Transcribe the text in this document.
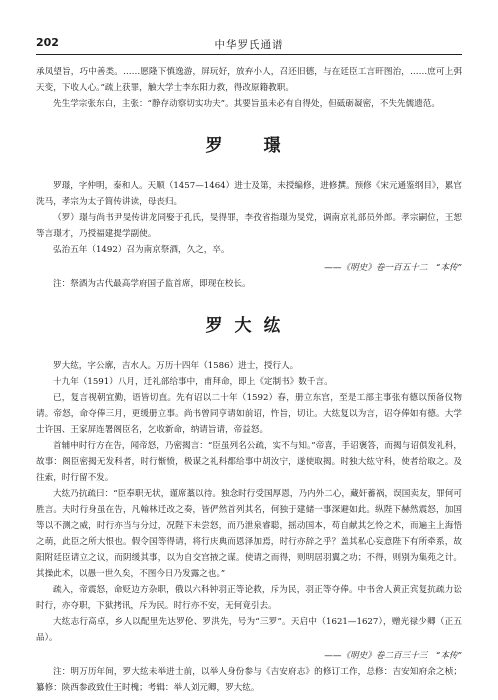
202	中华罗氏通谱

承凤望旨，巧中善类。……愿隆下慎逸游，屏玩好，放弃小人，召还旧德，与在廷臣工言旰图治，……庶可上弭天变，下收人心。”疏上获罪，触大学士李东阳力救，得改原籍教职。

先生学宗张东白，主张：“静存动察切实功夫”。其要旨虽未必有自得处，但砥砺凝密，不失先儒遗范。

罗　璟

罗璟，字仲明，泰和人。天顺（1457—1464）进士及第，未授编修，进修撰。预修《宋元通鉴纲目》，累官洗马，孝宗为太子简传讲读，母丧归。

（罗）璟与尚书尹旻传讲龙同娶于孔氏，旻得罪，李孜省指璟为旻党，调南京礼部员外郎。孝宗嗣位，王恕等言璟才，乃授福建提学副使。

弘治五年（1492）召为南京祭酒，久之，卒。

——《明史》卷一百五十二　“本传”

注：祭酒为古代最高学府国子监首席，即现在校长。

罗大纮

罗大纮，字公廓，吉水人。万历十四年（1586）进士，授行人。

十九年（1591）八月，迁礼部给事中，甫拜命，即上《定制书》数千言。

已，复言视朝宜勤，语皆切直。先有诏以二十年（1592）春，册立东宫，至是工部主事张有德以预备仪物请。帝怒，命夺俸三月，更缓册立事。尚书曾同亨请如前诏，忤旨，切让。大纮复以为言，诏夺俸如有德。大学士许国、王家屏连署阁臣名，乞收新命，纳请旨请，帝益怒。

首辅申时行方在告，闻帝怒，乃密揭言：“臣虽列名公疏，实不与知。”帝喜，手诏褒答，而揭与诏俱发礼科，故事：阁臣密揭无发科者，时行惭愤，极谋之礼科都给事中胡汝宁，遂使取揭。时独大纮守科，使者给取之。及往索，时行留不发。

大纮乃抗疏曰：“臣奉职无状，谨席藁以待。独念时行受国厚恩，乃内外二心，藏奸蓄祸，误国卖友，罪何可胜言。夫时行身虽在告，凡翰林迁改之奏，皆俨然首列其名，何独于建储一事深避如此。纵陛下赫然震怒，加国等以不测之威，时行亦当与分过，况陛下未尝怒，而乃泄泉睿聪，摇动国本，苟自献其乞怜之术，而遍主上海悟之萌，此臣之所大恨也。假令国等得请，将行庆典而恩泽加焉，时行亦辞之乎？盖其私心妄意陛下有所牵系，故阳附廷臣请立之议，而阴缓其事，以为自交宫掖之谋。使请之而得，则明居羽翼之功；不得，则别为集苑之计。其操此术，以愚一世久矣，不图今日乃发露之也。”

疏入，帝震怒，命贬边方杂职，俄以六科钟羽正等论救，斥为民，羽正等夺俸。中书舍人黄正宾复抗疏力讼时行，亦夺职，下狱拷讯，斥为民。时行亦不安，无何竟引去。

大纮志行高卓，乡人以配里先达罗伦、罗洪先，号为“三罗”。天启中（1621—1627），赠光禄少卿（正五品）。

——《明史》卷二百三十三　“本传”

注：明万历年间，罗大纮未举进士前，以举人身份参与《吉安府志》的修订工作，总修：吉安知府余之桢；纂修：陕西参政致仕王时槐；考辑：举人刘元卿，罗大纮。
